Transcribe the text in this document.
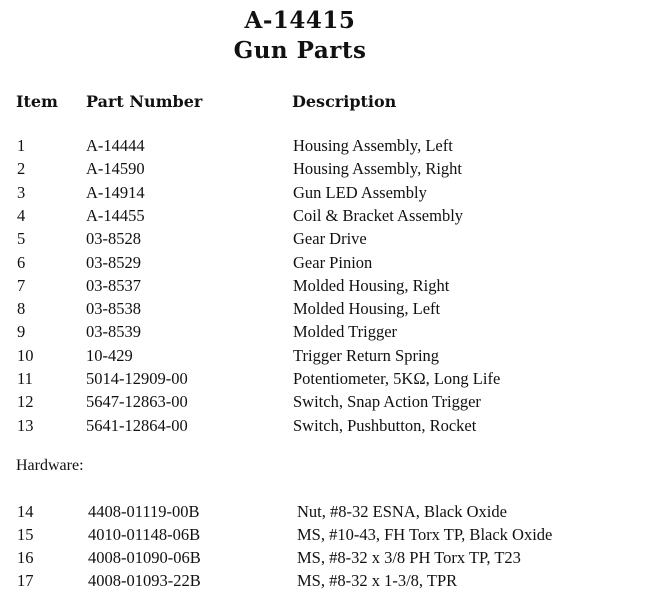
A-14415
Gun Parts
Item Part Number	Description
1	A-14444	Housing Assembly, Left
2	A-14590	Housing Assembly, Right
3	A-14914	Gun LED Assembly
4	A-14455	Coil & Bracket Assembly
5	03-8528	Gear Drive
6	03-8529	Gear Pinion
7	03-8537	Molded Housing, Right
8	03-8538	Molded Housing, Left
9	03-8539	Molded Trigger
10	10-429	Trigger Return Spring
11	5014-12909-00	Potentiometer, 5KΩ, Long Life
12	5647-12863-00	Switch, Snap Action Trigger
13	5641-12864-00	Switch, Pushbutton, Rocket
Hardware:
14	4408-01119-00B	Nut, #8-32 ESNA, Black Oxide
15	4010-01148-06B	MS, #10-43, FH Torx TP, Black Oxide
16	4008-01090-06B	MS, #8-32 x 3/8 PH Torx TP, T23
17	4008-01093-22B	MS, #8-32 x 1-3/8, TPR
